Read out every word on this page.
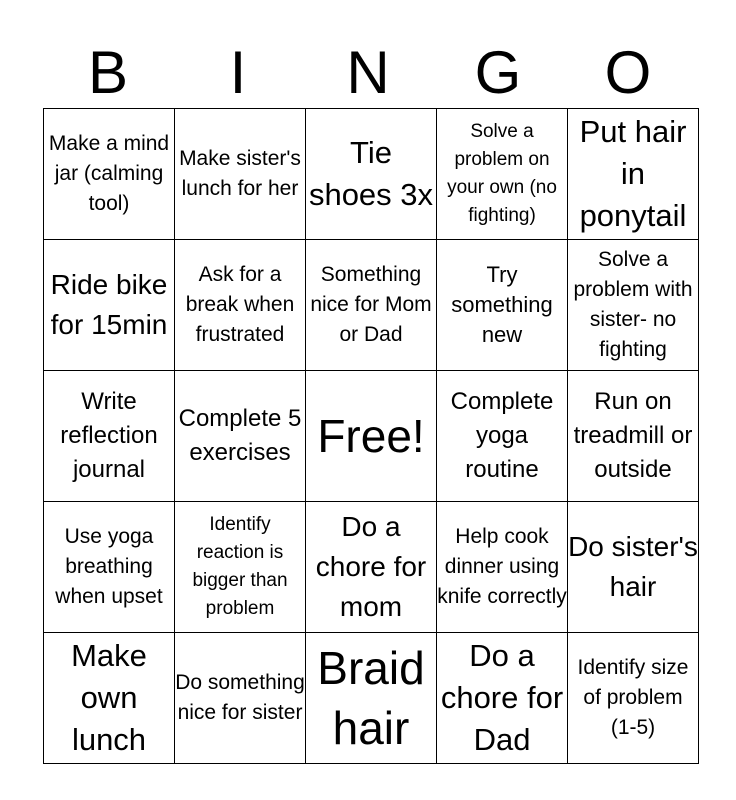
B	I	N	G	O
Make a mind jar (calming tool)	Make sister's lunch for her	Tie shoes 3x	Solve a problem on your own (no fighting)	Put hair in ponytail

Ride bike for 15min	Ask for a break when frustrated	Something nice for Mom or Dad	Try something new	Solve a problem with sister- no fighting

Write reflection journal	Complete 5 exercises	Free!	Complete yoga routine	Run on treadmill or outside

Use yoga breathing when upset	Identify reaction is bigger than problem	Do a chore for mom	Help cook dinner using knife correctly	Do sister's hair

Make own lunch	Do something nice for sister	Braid hair	Do a chore for Dad	Identify size of problem (1-5)
